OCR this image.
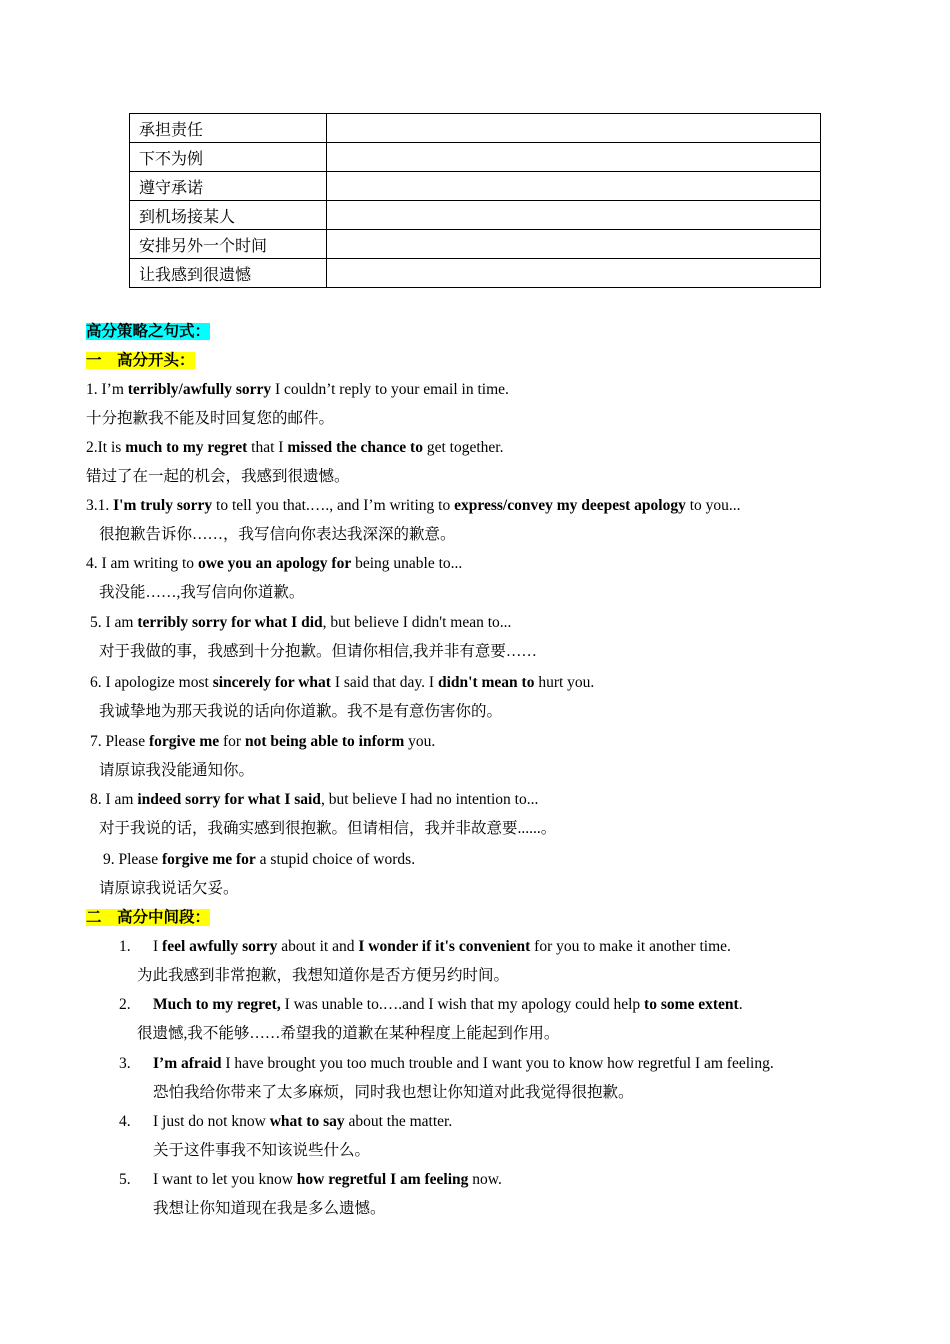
承担责任	
下不为例	
遵守承诺	
到机场接某人	
安排另外一个时间	
让我感到很遗憾	
高分策略之句式：
一　高分开头：
1. I’m terribly/awfully sorry I couldn’t reply to your email in time.
十分抱歉我不能及时回复您的邮件。
2.It is much to my regret that I missed the chance to get together.
错过了在一起的机会，我感到很遗憾。
3.1. I'm truly sorry to tell you that.…., and I’m writing to express/convey my deepest apology to you...
很抱歉告诉你……，我写信向你表达我深深的歉意。
4. I am writing to owe you an apology for being unable to...
我没能……,我写信向你道歉。
5. I am terribly sorry for what I did, but believe I didn't mean to...
对于我做的事，我感到十分抱歉。但请你相信,我并非有意要……
6. I apologize most sincerely for what I said that day. I didn't mean to hurt you.
我诚挚地为那天我说的话向你道歉。我不是有意伤害你的。
7. Please forgive me for not being able to inform you.
请原谅我没能通知你。
8. I am indeed sorry for what I said, but believe I had no intention to...
对于我说的话，我确实感到很抱歉。但请相信，我并非故意要......。
9. Please forgive me for a stupid choice of words.
请原谅我说话欠妥。
二　高分中间段：
1. I feel awfully sorry about it and I wonder if it's convenient for you to make it another time.
为此我感到非常抱歉，我想知道你是否方便另约时间。
2. Much to my regret, I was unable to.….and I wish that my apology could help to some extent.
很遗憾,我不能够……希望我的道歉在某种程度上能起到作用。
3. I’m afraid I have brought you too much trouble and I want you to know how regretful I am feeling.
恐怕我给你带来了太多麻烦，同时我也想让你知道对此我觉得很抱歉。
4. I just do not know what to say about the matter.
关于这件事我不知该说些什么。
5. I want to let you know how regretful I am feeling now.
我想让你知道现在我是多么遗憾。
